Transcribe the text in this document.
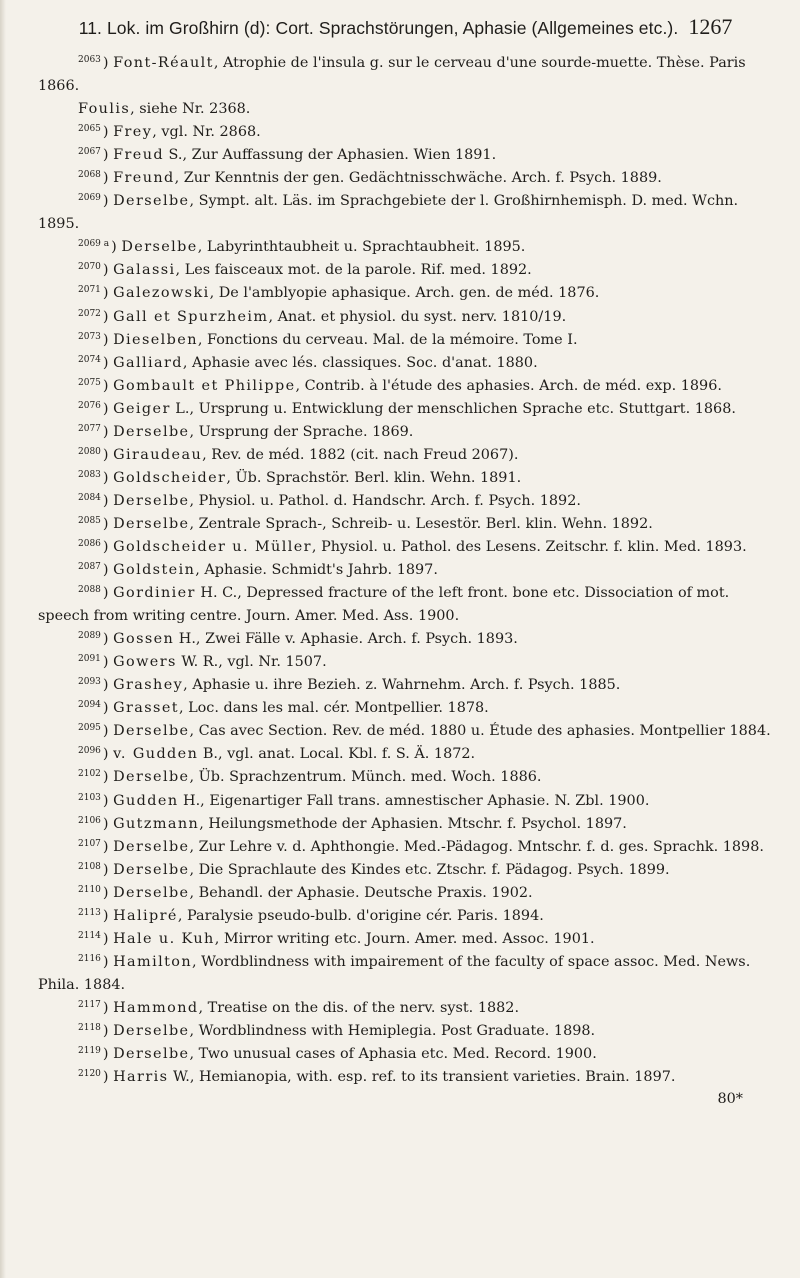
11. Lok. im Großhirn (d): Cort. Sprachstörungen, Aphasie (Allgemeines etc.). 1267
$^{2063}$ ) Font-Réault, Atrophie de l'insula g. sur le cerveau d'une sourde-muette. Thèse. Paris 1866.
Foulis, siehe Nr. 2368.
$^{2065}$ ) Frey, vgl. Nr. 2868.
$^{2067}$ ) Freud S., Zur Auffassung der Aphasien. Wien 1891.
$^{2068}$ ) Freund, Zur Kenntnis der gen. Gedächtnisschwäche. Arch. f. Psych. 1889.
$^{2069}$ ) Derselbe, Sympt. alt. Läs. im Sprachgebiete der l. Großhirnhemisph. D. med. Wchn. 1895.
$^{2069 a}$ ) Derselbe, Labyrinthtaubheit u. Sprachtaubheit. 1895.
$^{2070}$ ) Galassi, Les faisceaux mot. de la parole. Rif. med. 1892.
$^{2071}$ ) Galezowski, De l'amblyopie aphasique. Arch. gen. de méd. 1876.
$^{2072}$ ) Gall et Spurzheim, Anat. et physiol. du syst. nerv. 1810/19.
$^{2073}$ ) Dieselben, Fonctions du cerveau. Mal. de la mémoire. Tome I.
$^{2074}$ ) Galliard, Aphasie avec lés. classiques. Soc. d'anat. 1880.
$^{2075}$ ) Gombault et Philippe, Contrib. à l'étude des aphasies. Arch. de méd. exp. 1896.
$^{2076}$ ) Geiger L., Ursprung u. Entwicklung der menschlichen Sprache etc. Stuttgart. 1868.
$^{2077}$ ) Derselbe, Ursprung der Sprache. 1869.
$^{2080}$ ) Giraudeau, Rev. de méd. 1882 (cit. nach Freud 2067).
$^{2083}$ ) Goldscheider, Üb. Sprachstör. Berl. klin. Wehn. 1891.
$^{2084}$ ) Derselbe, Physiol. u. Pathol. d. Handschr. Arch. f. Psych. 1892.
$^{2085}$ ) Derselbe, Zentrale Sprach-, Schreib- u. Lesestör. Berl. klin. Wehn. 1892.
$^{2086}$ ) Goldscheider u. Müller, Physiol. u. Pathol. des Lesens. Zeitschr. f. klin. Med. 1893.
$^{2087}$ ) Goldstein, Aphasie. Schmidt's Jahrb. 1897.
$^{2088}$ ) Gordinier H. C., Depressed fracture of the left front. bone etc. Dissociation of mot. speech from writing centre. Journ. Amer. Med. Ass. 1900.
$^{2089}$ ) Gossen H., Zwei Fälle v. Aphasie. Arch. f. Psych. 1893.
$^{2091}$ ) Gowers W. R., vgl. Nr. 1507.
$^{2093}$ ) Grashey, Aphasie u. ihre Bezieh. z. Wahrnehm. Arch. f. Psych. 1885.
$^{2094}$ ) Grasset, Loc. dans les mal. cér. Montpellier. 1878.
$^{2095}$ ) Derselbe, Cas avec Section. Rev. de méd. 1880 u. Étude des aphasies. Montpellier 1884.
$^{2096}$ ) v. Gudden B., vgl. anat. Local. Kbl. f. S. Ä. 1872.
$^{2102}$ ) Derselbe, Üb. Sprachzentrum. Münch. med. Woch. 1886.
$^{2103}$ ) Gudden H., Eigenartiger Fall trans. amnestischer Aphasie. N. Zbl. 1900.
$^{2106}$ ) Gutzmann, Heilungsmethode der Aphasien. Mtschr. f. Psychol. 1897.
$^{2107}$ ) Derselbe, Zur Lehre v. d. Aphthongie. Med.-Pädagog. Mntschr. f. d. ges. Sprachk. 1898.
$^{2108}$ ) Derselbe, Die Sprachlaute des Kindes etc. Ztschr. f. Pädagog. Psych. 1899.
$^{2110}$ ) Derselbe, Behandl. der Aphasie. Deutsche Praxis. 1902.
$^{2113}$ ) Halipré, Paralysie pseudo-bulb. d'origine cér. Paris. 1894.
$^{2114}$ ) Hale u. Kuh, Mirror writing etc. Journ. Amer. med. Assoc. 1901.
$^{2116}$ ) Hamilton, Wordblindness with impairement of the faculty of space assoc. Med. News. Phila. 1884.
$^{2117}$ ) Hammond, Treatise on the dis. of the nerv. syst. 1882.
$^{2118}$ ) Derselbe, Wordblindness with Hemiplegia. Post Graduate. 1898.
$^{2119}$ ) Derselbe, Two unusual cases of Aphasia etc. Med. Record. 1900.
$^{2120}$ ) Harris W., Hemianopia, with. esp. ref. to its transient varieties. Brain. 1897.
80*
